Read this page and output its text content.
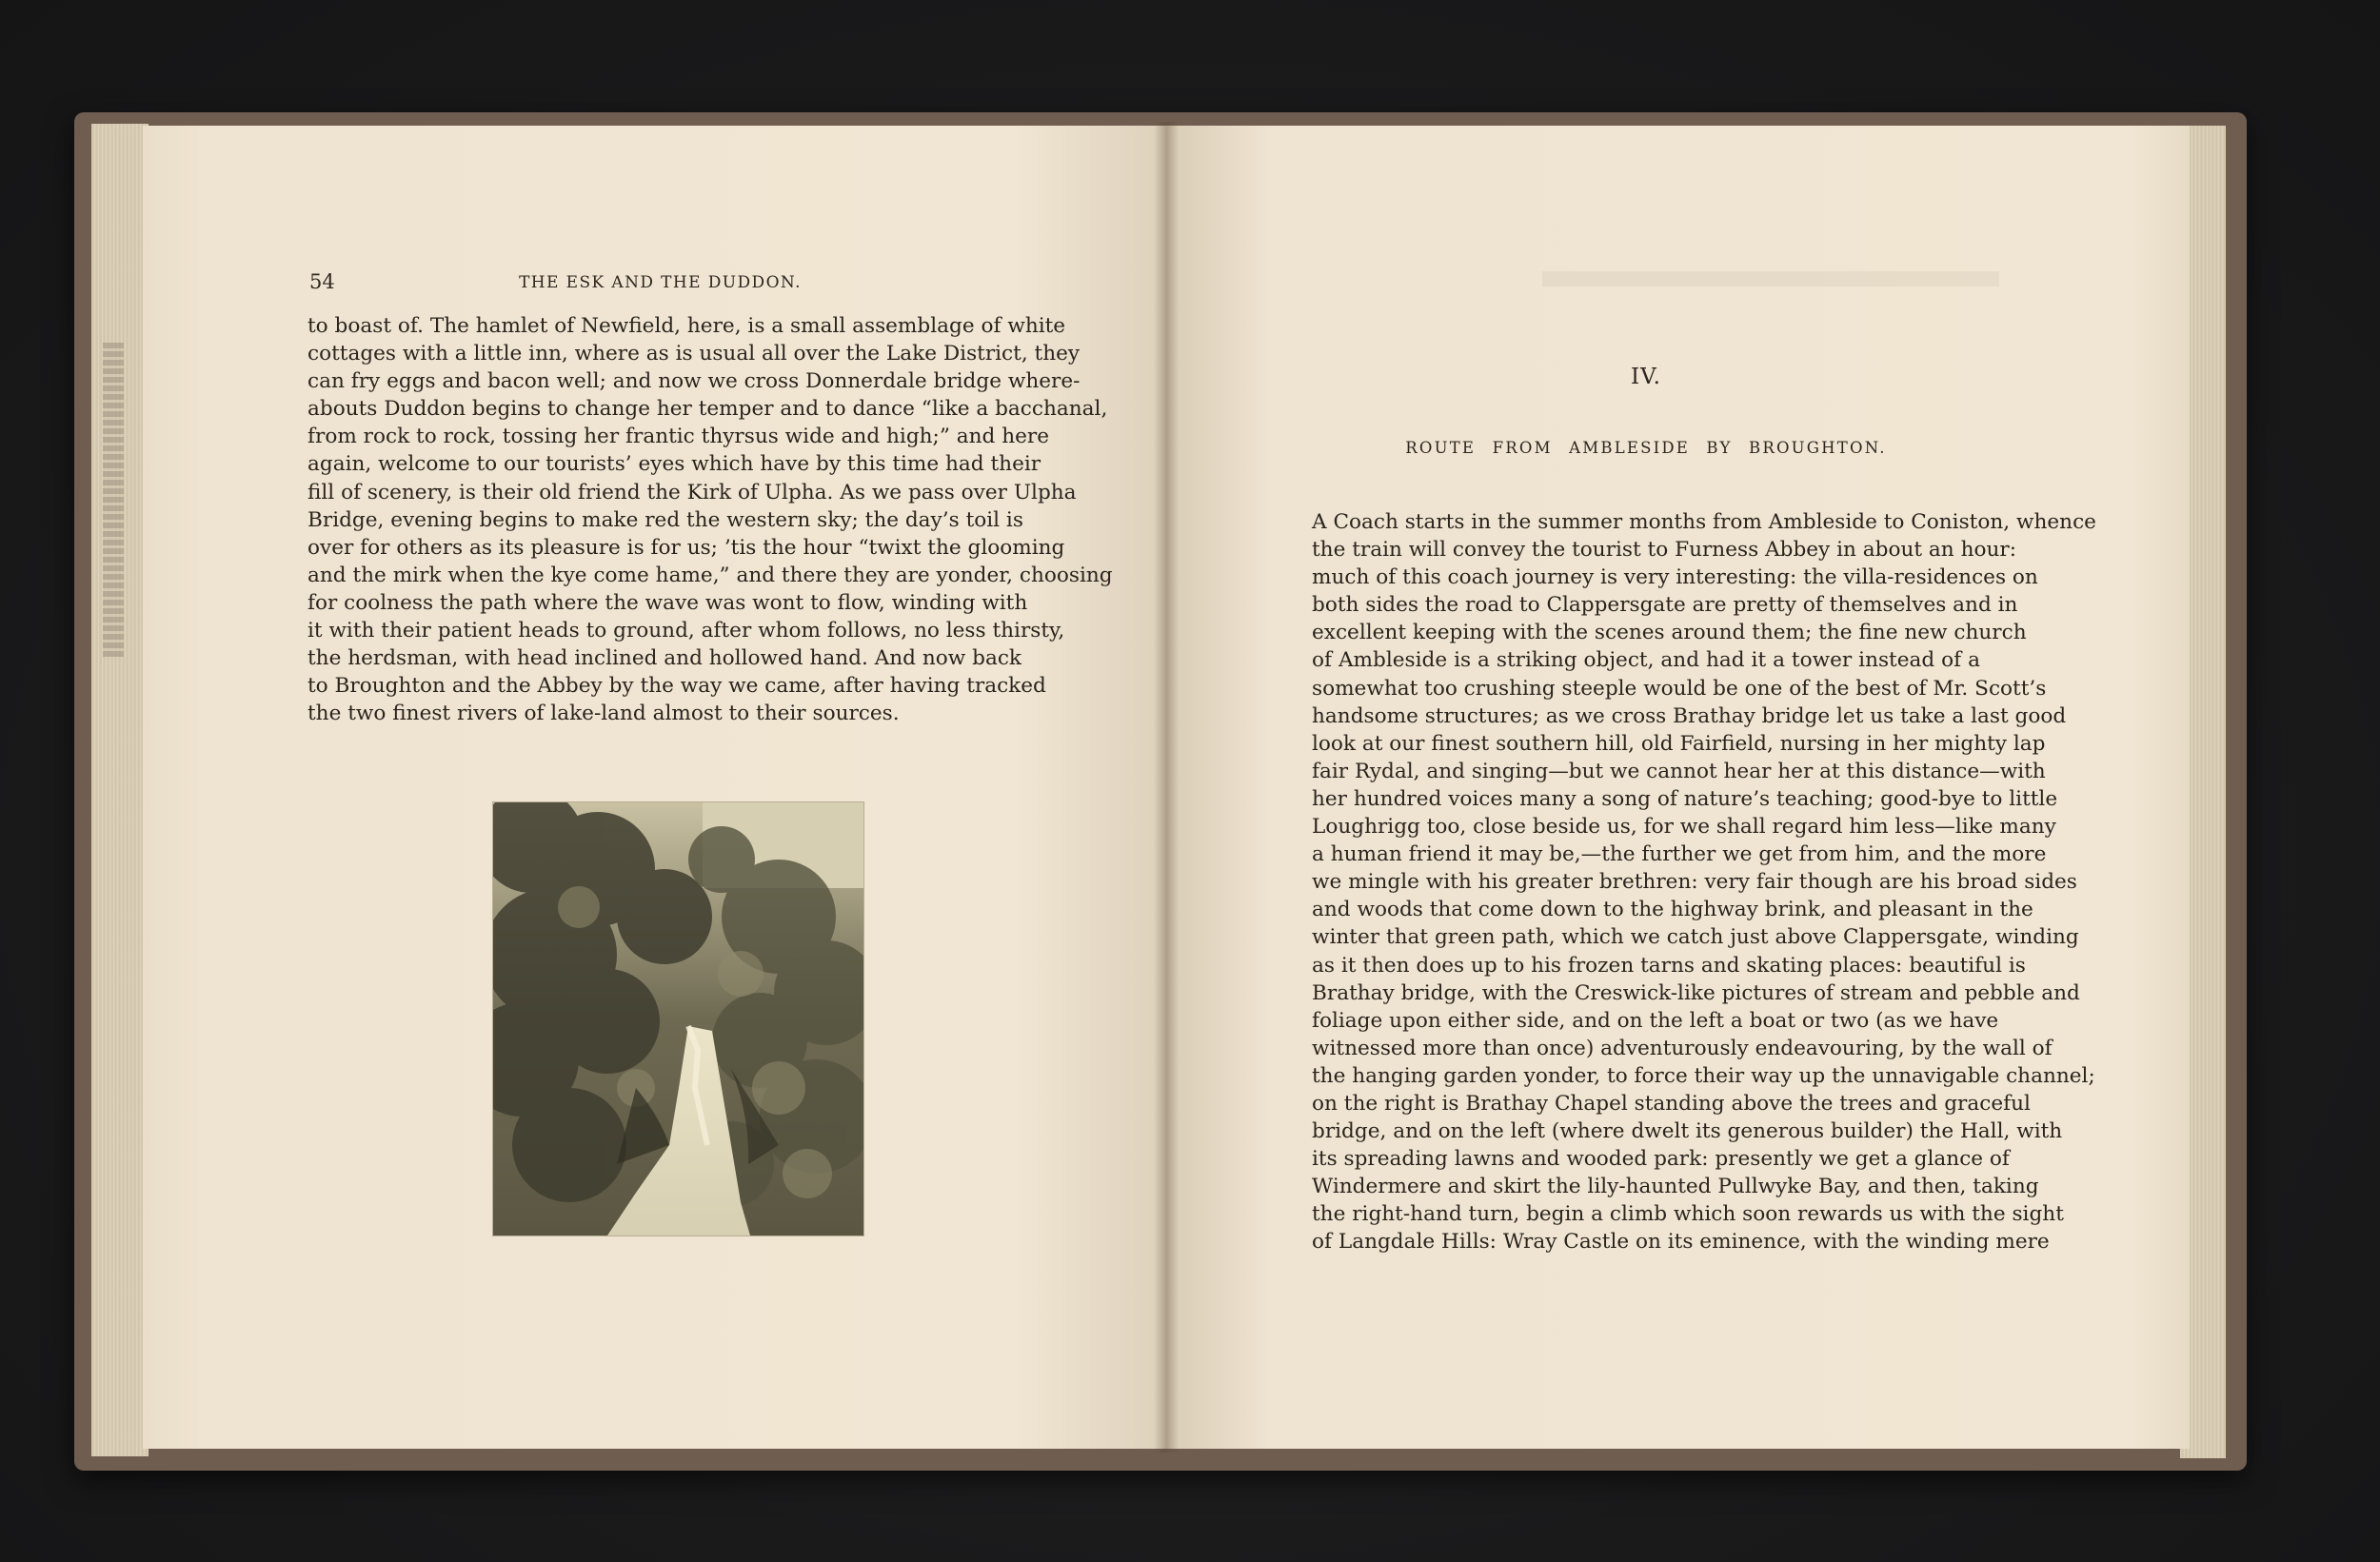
54	THE ESK AND THE DUDDON.
to boast of. The hamlet of Newfield, here, is a small assemblage of white
cottages with a little inn, where as is usual all over the Lake District, they
can fry eggs and bacon well; and now we cross Donnerdale bridge where-
abouts Duddon begins to change her temper and to dance “like a bacchanal,
from rock to rock, tossing her frantic thyrsus wide and high;” and here
again, welcome to our tourists’ eyes which have by this time had their
fill of scenery, is their old friend the Kirk of Ulpha. As we pass over Ulpha
Bridge, evening begins to make red the western sky; the day’s toil is
over for others as its pleasure is for us; ’tis the hour “twixt the glooming
and the mirk when the kye come hame,” and there they are yonder, choosing
for coolness the path where the wave was wont to flow, winding with
it with their patient heads to ground, after whom follows, no less thirsty,
the herdsman, with head inclined and hollowed hand. And now back
to Broughton and the Abbey by the way we came, after having tracked
the two finest rivers of lake-land almost to their sources.
IV.
ROUTE FROM AMBLESIDE BY BROUGHTON.
A Coach starts in the summer months from Ambleside to Coniston, whence
the train will convey the tourist to Furness Abbey in about an hour:
much of this coach journey is very interesting: the villa-residences on
both sides the road to Clappersgate are pretty of themselves and in
excellent keeping with the scenes around them; the fine new church
of Ambleside is a striking object, and had it a tower instead of a
somewhat too crushing steeple would be one of the best of Mr. Scott’s
handsome structures; as we cross Brathay bridge let us take a last good
look at our finest southern hill, old Fairfield, nursing in her mighty lap
fair Rydal, and singing—but we cannot hear her at this distance—with
her hundred voices many a song of nature’s teaching; good-bye to little
Loughrigg too, close beside us, for we shall regard him less—like many
a human friend it may be,—the further we get from him, and the more
we mingle with his greater brethren: very fair though are his broad sides
and woods that come down to the highway brink, and pleasant in the
winter that green path, which we catch just above Clappersgate, winding
as it then does up to his frozen tarns and skating places: beautiful is
Brathay bridge, with the Creswick-like pictures of stream and pebble and
foliage upon either side, and on the left a boat or two (as we have
witnessed more than once) adventurously endeavouring, by the wall of
the hanging garden yonder, to force their way up the unnavigable channel;
on the right is Brathay Chapel standing above the trees and graceful
bridge, and on the left (where dwelt its generous builder) the Hall, with
its spreading lawns and wooded park: presently we get a glance of
Windermere and skirt the lily-haunted Pullwyke Bay, and then, taking
the right-hand turn, begin a climb which soon rewards us with the sight
of Langdale Hills: Wray Castle on its eminence, with the winding mere
